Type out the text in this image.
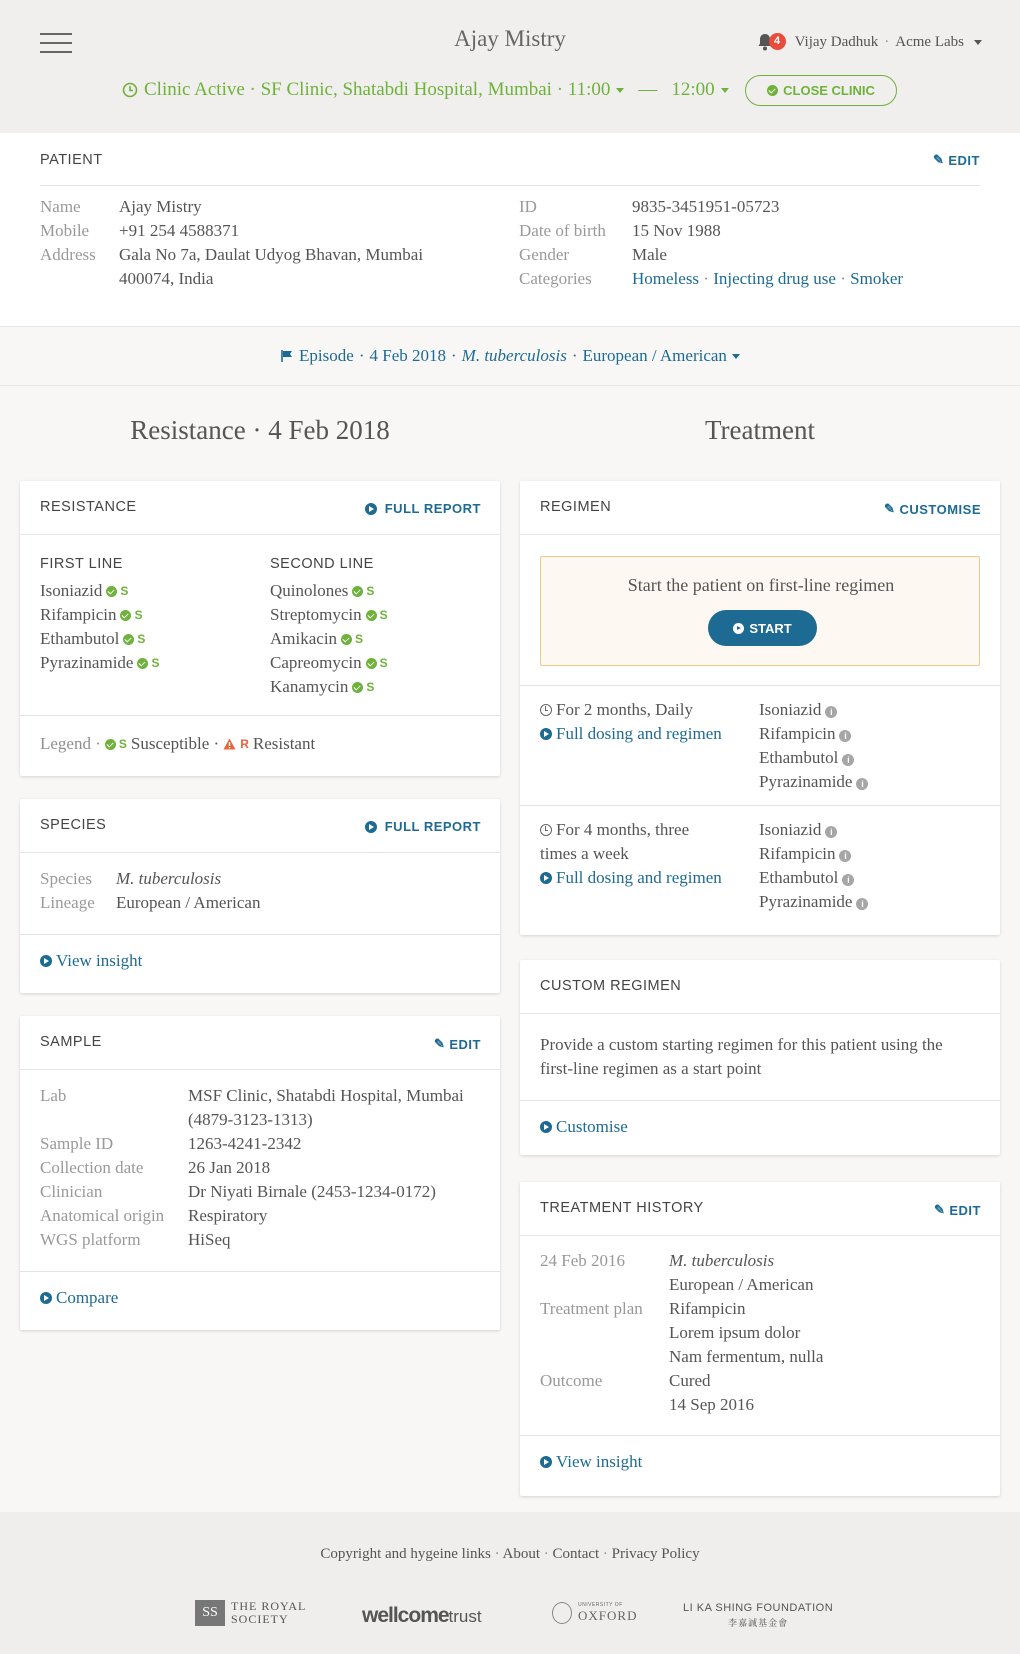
Ajay Mistry	4 Vijay Dadhuk · Acme Labs
Clinic Active · SF Clinic, Shatabdi Hospital, Mumbai · 11:00 — 12:00	CLOSE CLINIC
PATIENT	✎ EDIT
Name Ajay Mistry
Mobile +91 254 4588371
Address Gala No 7a, Daulat Udyog Bhavan, Mumbai
400074, India
ID	9835-3451951-05723
Date of birth 15 Nov 1988
Gender	Male
Categories Homeless · Injecting drug use · Smoker
Episode · 4 Feb 2018 · M. tuberculosis · European / American
Resistance · 4 Feb 2018	Treatment
RESISTANCE	FULL REPORT
FIRST LINE
Isoniazid S
Rifampicin S
Ethambutol S
Pyrazinamide S
SECOND LINE
Quinolones S
Streptomycin S
Amikacin S
Capreomycin S
Kanamycin S
Legend · S Susceptible · R Resistant
SPECIES	FULL REPORT
Species M. tuberculosis
Lineage European / American
View insight
SAMPLE	✎ EDIT
Lab	MSF Clinic, Shatabdi Hospital, Mumbai
(4879-3123-1313)
Sample ID	1263-4241-2342
Collection date	26 Jan 2018
Clinician	Dr Niyati Birnale (2453-1234-0172)
Anatomical origin Respiratory
WGS platform	HiSeq
Compare
REGIMEN	✎ CUSTOMISE
Start the patient on first-line regimen
START
For 2 months, Daily
Full dosing and regimen
Isoniazid i
Rifampicin i
Ethambutol i
Pyrazinamide i
For 4 months, three
times a week
Full dosing and regimen
Isoniazid i
Rifampicin i
Ethambutol i
Pyrazinamide i
CUSTOM REGIMEN
Provide a custom starting regimen for this patient using the
first-line regimen as a start point
Customise
TREATMENT HISTORY	✎ EDIT
24 Feb 2016	M. tuberculosis
European / American
Treatment plan Rifampicin
Lorem ipsum dolor
Nam fermentum, nulla
Outcome	Cured
14 Sep 2016
View insight
Copyright and hygeine links · About · Contact · Privacy Policy
SS	THE ROYAL
SOCIETY	wellcometrust
UNIVERSITY OF
OXFORD	LI KA SHING FOUNDATION
李嘉誠基金會
